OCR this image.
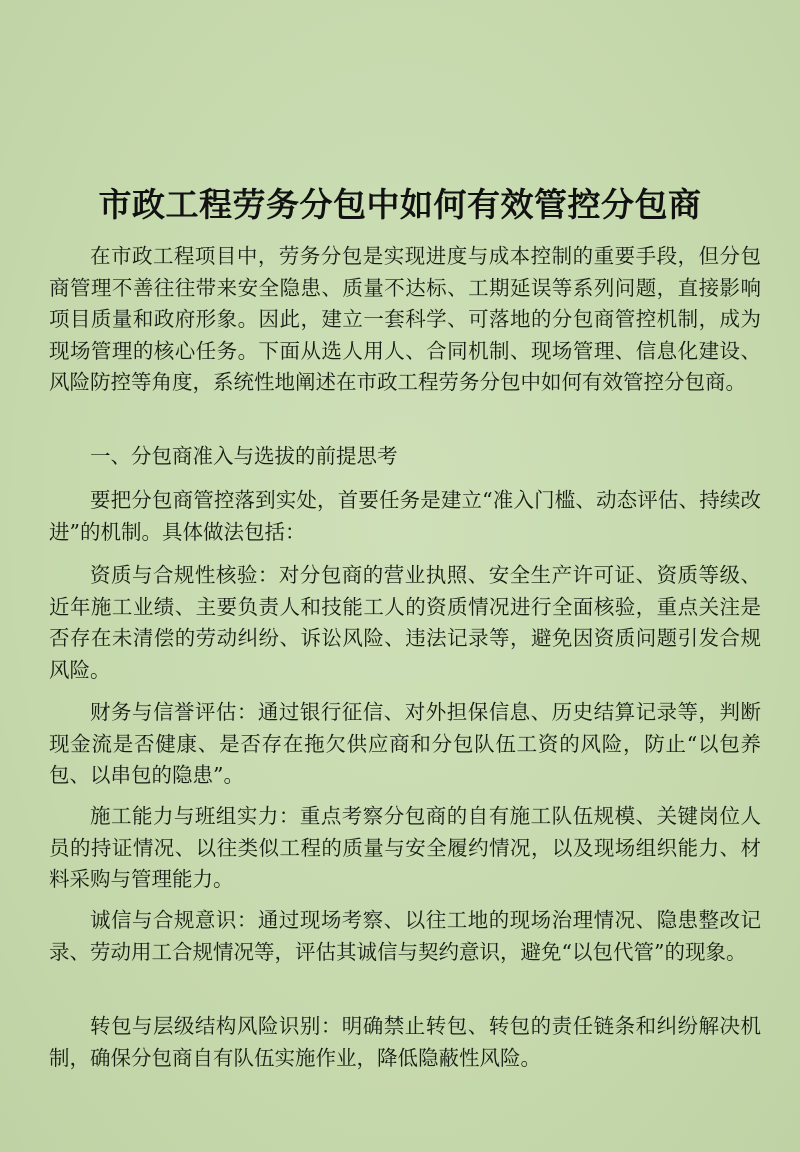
市政工程劳务分包中如何有效管控分包商

在市政工程项目中，劳务分包是实现进度与成本控制的重要手段，但分包商管理不善往往带来安全隐患、质量不达标、工期延误等系列问题，直接影响项目质量和政府形象。因此，建立一套科学、可落地的分包商管控机制，成为现场管理的核心任务。下面从选人用人、合同机制、现场管理、信息化建设、风险防控等角度，系统性地阐述在市政工程劳务分包中如何有效管控分包商。

一、分包商准入与选拔的前提思考

要把分包商管控落到实处，首要任务是建立“准入门槛、动态评估、持续改进”的机制。具体做法包括：

资质与合规性核验：对分包商的营业执照、安全生产许可证、资质等级、近年施工业绩、主要负责人和技能工人的资质情况进行全面核验，重点关注是否存在未清偿的劳动纠纷、诉讼风险、违法记录等，避免因资质问题引发合规风险。

财务与信誉评估：通过银行征信、对外担保信息、历史结算记录等，判断现金流是否健康、是否存在拖欠供应商和分包队伍工资的风险，防止“以包养包、以串包的隐患”。

施工能力与班组实力：重点考察分包商的自有施工队伍规模、关键岗位人员的持证情况、以往类似工程的质量与安全履约情况，以及现场组织能力、材料采购与管理能力。

诚信与合规意识：通过现场考察、以往工地的现场治理情况、隐患整改记录、劳动用工合规情况等，评估其诚信与契约意识，避免“以包代管”的现象。

转包与层级结构风险识别：明确禁止转包、转包的责任链条和纠纷解决机制，确保分包商自有队伍实施作业，降低隐蔽性风险。
